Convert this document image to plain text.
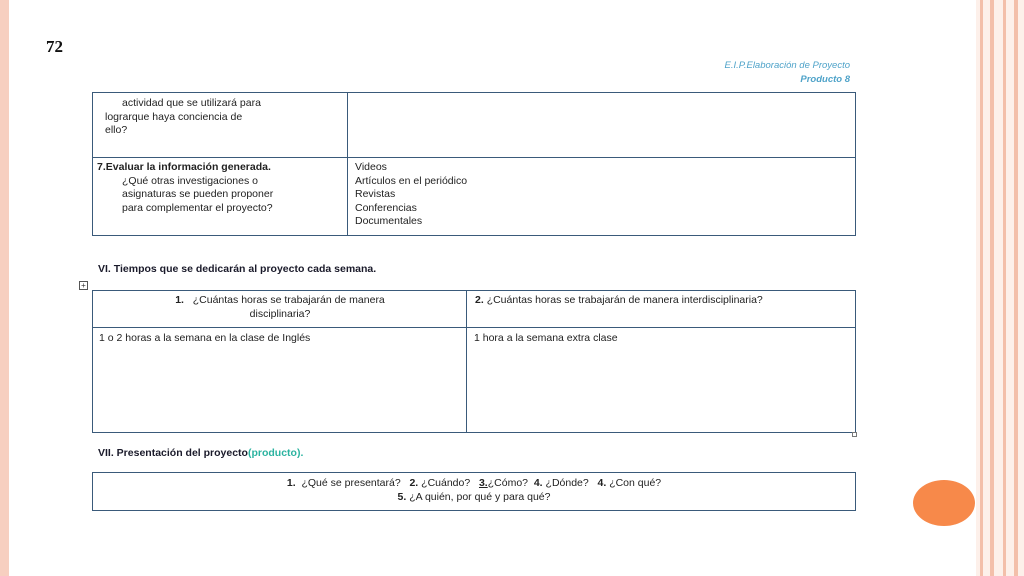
72
E.I.P.Elaboración de Proyecto
Producto 8
actividad que se utilizará para
lograrque haya conciencia de
ello?
7.Evaluar la información generada.
¿Qué otras investigaciones o
asignaturas se pueden proponer
para complementar el proyecto?
Videos
Artículos en el periódico
Revistas
Conferencias
Documentales
VI. Tiempos que se dedicarán al proyecto cada semana.
+
1. ¿Cuántas horas se trabajarán de manera
disciplinaria?
2. ¿Cuántas horas se trabajarán de manera interdisciplinaria?
1 o 2 horas a la semana en la clase de Inglés	1 hora a la semana extra clase
VII. Presentación del proyecto(producto).
1. ¿Qué se presentará? 2. ¿Cuándo? 3.¿Cómo? 4. ¿Dónde? 4. ¿Con qué?
5. ¿A quién, por qué y para qué?
